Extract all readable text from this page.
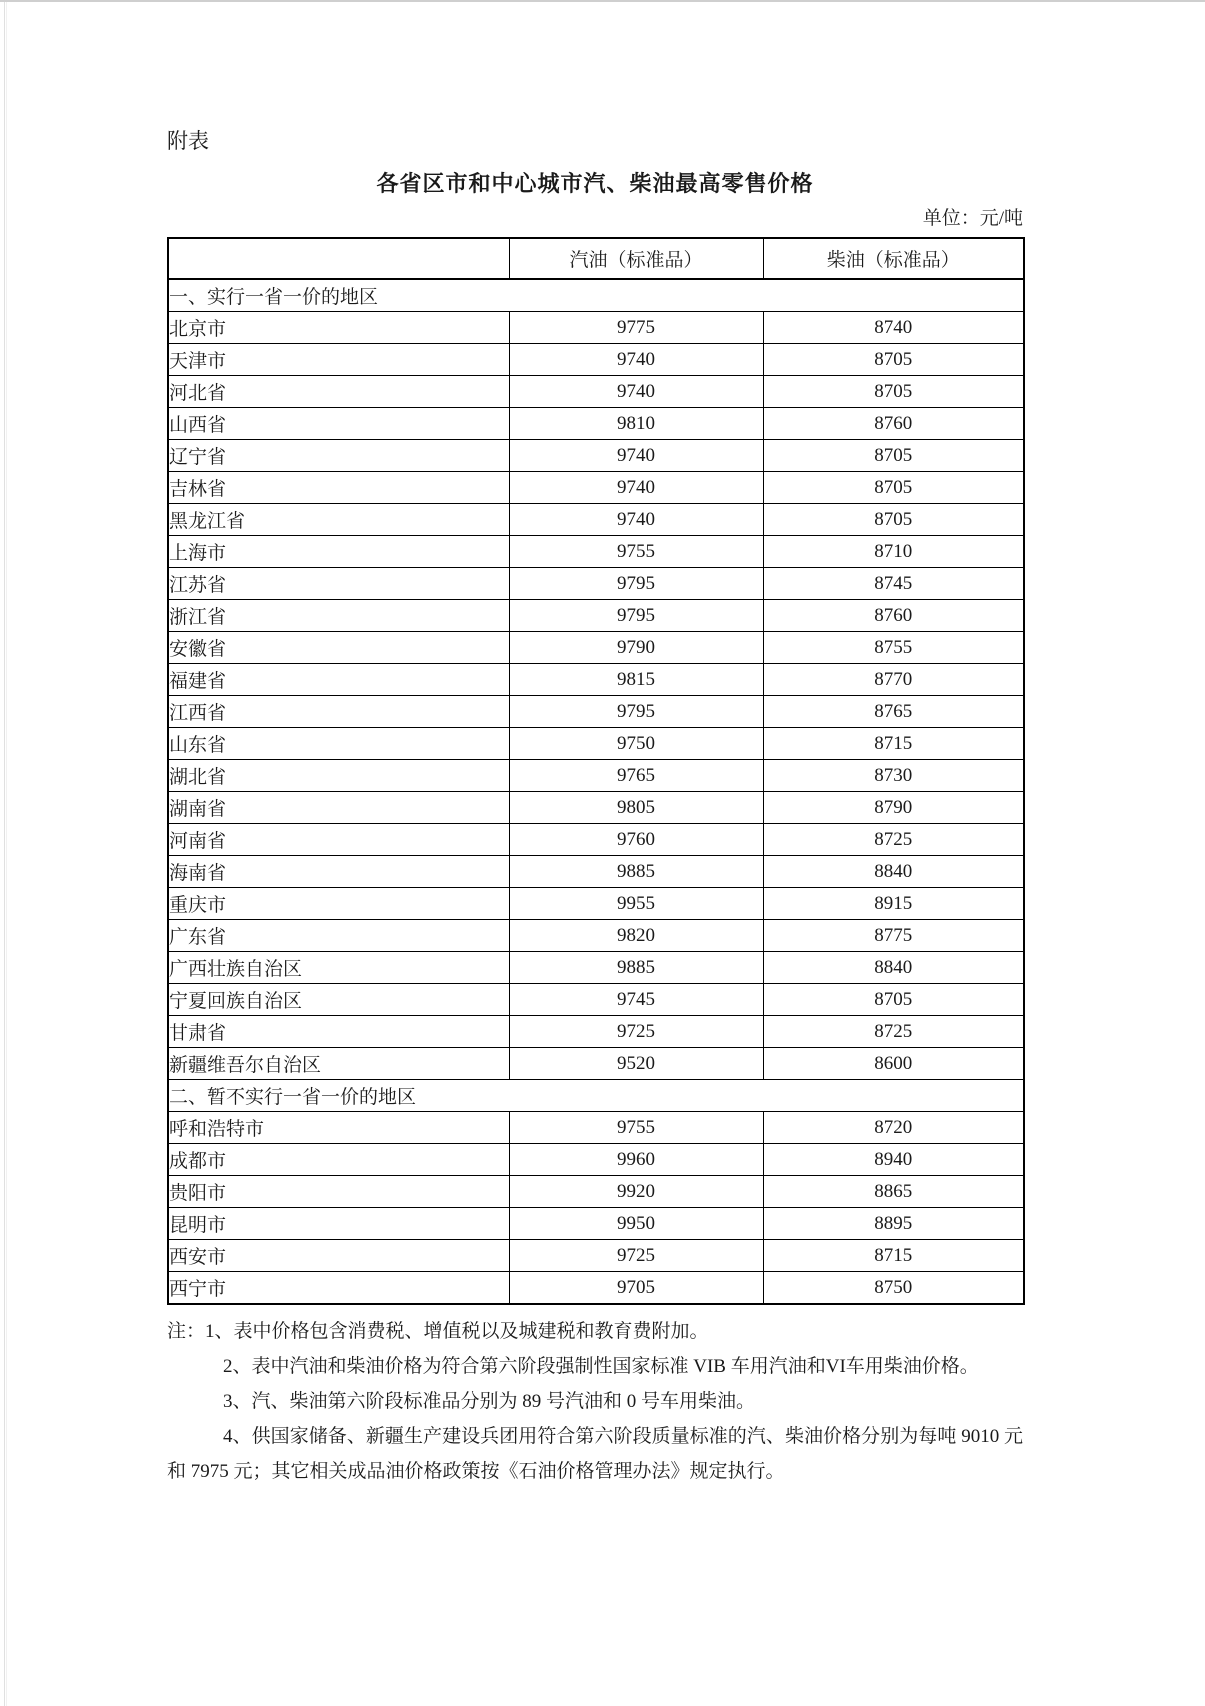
附表
各省区市和中心城市汽、柴油最高零售价格
单位：元/吨
	汽油（标准品）	柴油（标准品）
一、实行一省一价的地区		
北京市	9775	8740
天津市	9740	8705
河北省	9740	8705
山西省	9810	8760
辽宁省	9740	8705
吉林省	9740	8705
黑龙江省	9740	8705
上海市	9755	8710
江苏省	9795	8745
浙江省	9795	8760
安徽省	9790	8755
福建省	9815	8770
江西省	9795	8765
山东省	9750	8715
湖北省	9765	8730
湖南省	9805	8790
河南省	9760	8725
海南省	9885	8840
重庆市	9955	8915
广东省	9820	8775
广西壮族自治区	9885	8840
宁夏回族自治区	9745	8705
甘肃省	9725	8725
新疆维吾尔自治区	9520	8600
二、暂不实行一省一价的地区		
呼和浩特市	9755	8720
成都市	9960	8940
贵阳市	9920	8865
昆明市	9950	8895
西安市	9725	8715
西宁市	9705	8750

注：1、表中价格包含消费税、增值税以及城建税和教育费附加。

2、表中汽油和柴油价格为符合第六阶段强制性国家标准 VIB 车用汽油和VI车用柴油价格。

3、汽、柴油第六阶段标准品分别为 89 号汽油和 0 号车用柴油。

4、供国家储备、新疆生产建设兵团用符合第六阶段质量标准的汽、柴油价格分别为每吨 9010 元和 7975 元；其它相关成品油价格政策按《石油价格管理办法》规定执行。
